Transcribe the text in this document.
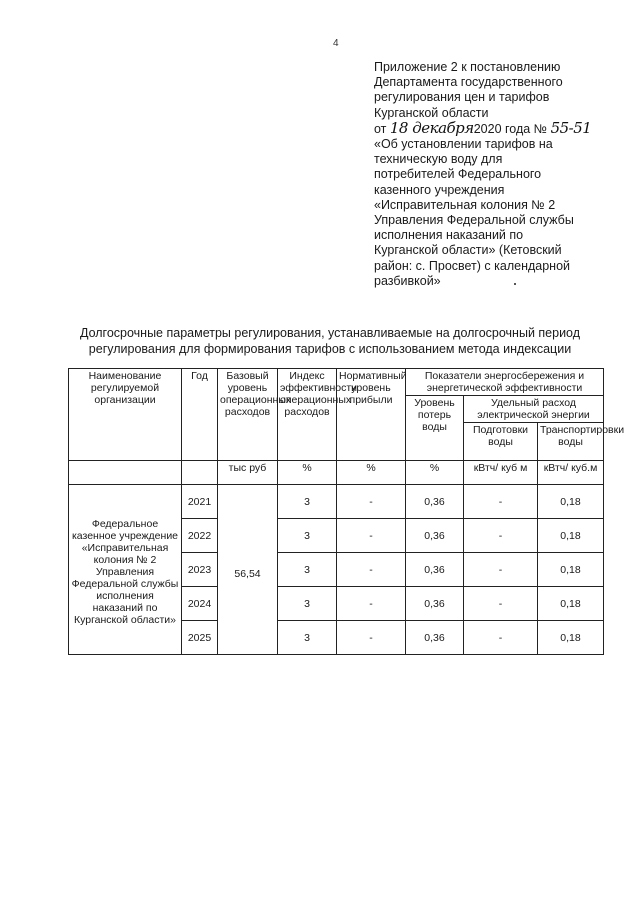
4
Приложение 2 к постановлению
Департамента государственного
регулирования цен и тарифов
Курганской области
от 18 декабря2020 года № 55-51
«Об установлении тарифов на
техническую воду для
потребителей Федерального
казенного учреждения
«Исправительная колония № 2
Управления Федеральной службы
исполнения наказаний по
Курганской области» (Кетовский
район: с. Просвет) с календарной
разбивкой»
Долгосрочные параметры регулирования, устанавливаемые на долгосрочный период
регулирования для формирования тарифов с использованием метода индексации
Наименование регулируемой организации	Год	Базовый уровень операционных расходов	Индекс эффективности операционных расходов	Нормативный уровень прибыли	Показатели энергосбережения и энергетической эффективности		
					Уровень потерь воды	Удельный расход электрической энергии	
						Подготовки воды	Транспортировки воды
		тыс руб	%	%	%	кВтч/ куб м	кВтч/ куб.м
Федеральное казенное учреждение «Исправительная колония № 2 Управления Федеральной службы исполнения наказаний по Курганской области»	2021	56,54	3	-	0,36	-	0,18
	2022		3	-	0,36	-	0,18
	2023		3	-	0,36	-	0,18
	2024		3	-	0,36	-	0,18
	2025		3	-	0,36	-	0,18
